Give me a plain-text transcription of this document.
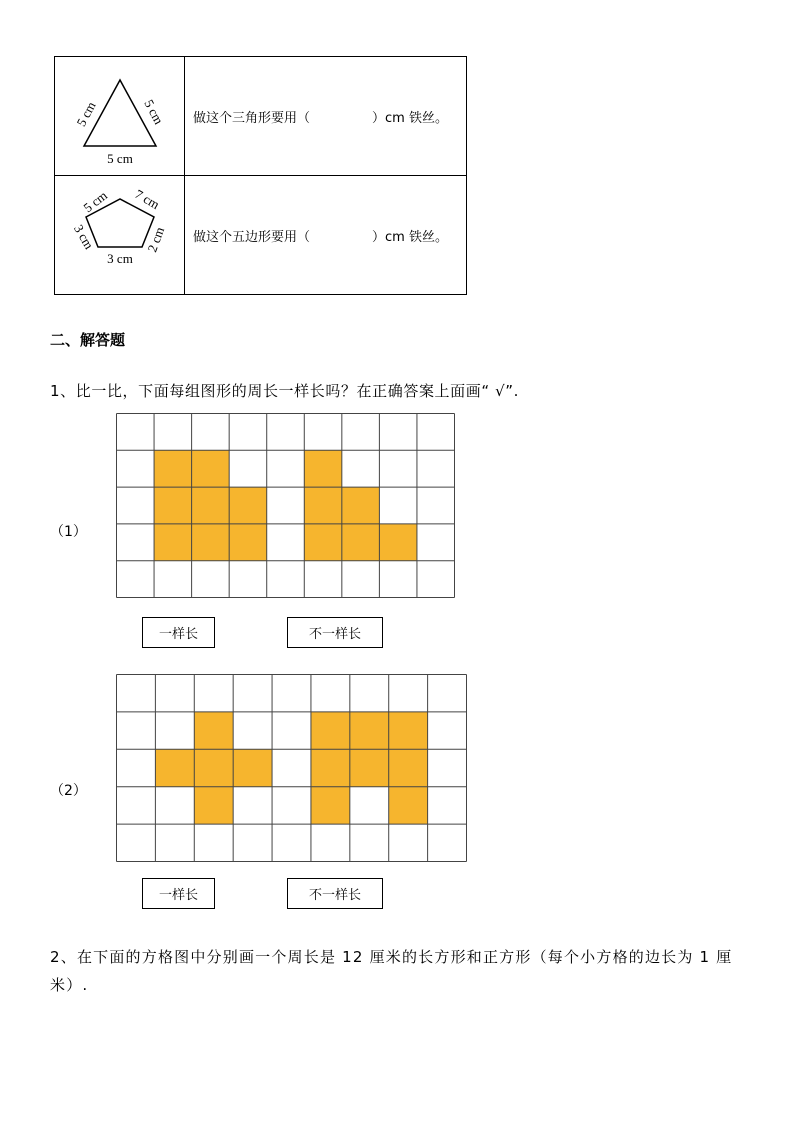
5 cm 5 cm
5 cm	做这个三角形要用（ ）cm 铁丝。

5 cm 7 cm
3 cm 2 cm
3 cm	做这个五边形要用（ ）cm 铁丝。
二、解答题
1、比一比，下面每组图形的周长一样长吗？在正确答案上面画“ √”.
（1）
一样长	不一样长
（2）
一样长	不一样长
2、在下面的方格图中分别画一个周长是 12 厘米的长方形和正方形（每个小方格的边长为 1 厘米）.
